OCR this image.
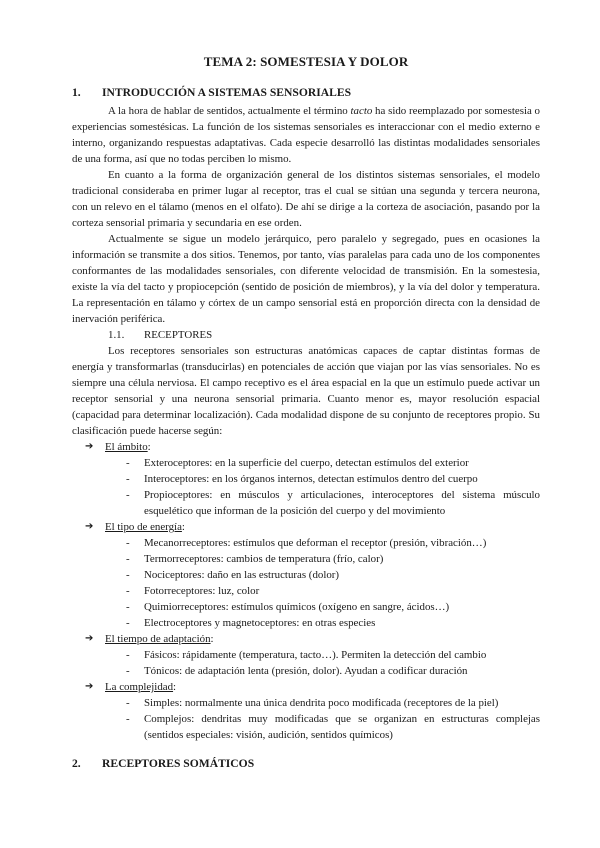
TEMA 2: SOMESTESIA Y DOLOR
1.	INTRODUCCIÓN A SISTEMAS SENSORIALES

A la hora de hablar de sentidos, actualmente el término tacto ha sido reemplazado por somestesia o experiencias somestésicas. La función de los sistemas sensoriales es interaccionar con el medio externo e interno, organizando respuestas adaptativas. Cada especie desarrolló las distintas modalidades sensoriales de una forma, así que no todas perciben lo mismo.

En cuanto a la forma de organización general de los distintos sistemas sensoriales, el modelo tradicional consideraba en primer lugar al receptor, tras el cual se sitúan una segunda y tercera neurona, con un relevo en el tálamo (menos en el olfato). De ahí se dirige a la corteza de asociación, pasando por la corteza sensorial primaria y secundaria en ese orden.

Actualmente se sigue un modelo jerárquico, pero paralelo y segregado, pues en ocasiones la información se transmite a dos sitios. Tenemos, por tanto, vías paralelas para cada uno de los componentes conformantes de las modalidades sensoriales, con diferente velocidad de transmisión. En la somestesia, existe la vía del tacto y propiocepción (sentido de posición de miembros), y la vía del dolor y temperatura. La representación en tálamo y córtex de un campo sensorial está en proporción directa con la densidad de inervación periférica.

1.1.	RECEPTORES

Los receptores sensoriales son estructuras anatómicas capaces de captar distintas formas de energía y transformarlas (transducirlas) en potenciales de acción que viajan por las vías sensoriales. No es siempre una célula nerviosa. El campo receptivo es el área espacial en la que un estímulo puede activar un receptor sensorial y una neurona sensorial primaria. Cuanto menor es, mayor resolución espacial (capacidad para determinar localización). Cada modalidad dispone de su conjunto de receptores propio. Su clasificación puede hacerse según:

➔	El ámbito :
-	Exteroceptores: en la superficie del cuerpo, detectan estímulos del exterior
-	Interoceptores: en los órganos internos, detectan estímulos dentro del cuerpo
-	Propioceptores: en músculos y articulaciones, interoceptores del sistema músculo esquelético que informan de la posición del cuerpo y del movimiento
➔	El tipo de energía :
-	Mecanorreceptores: estímulos que deforman el receptor (presión, vibración…)
-	Termorreceptores: cambios de temperatura (frío, calor)
-	Nociceptores: daño en las estructuras (dolor)
-	Fotorreceptores: luz, color
-	Quimiorreceptores: estímulos químicos (oxígeno en sangre, ácidos…)
-	Electroceptores y magnetoceptores: en otras especies
➔	El tiempo de adaptación :
-	Fásicos: rápidamente (temperatura, tacto…). Permiten la detección del cambio
-	Tónicos: de adaptación lenta (presión, dolor). Ayudan a codificar duración
➔	La complejidad :
-	Simples: normalmente una única dendrita poco modificada (receptores de la piel)
-	Complejos: dendritas muy modificadas que se organizan en estructuras complejas (sentidos especiales: visión, audición, sentidos químicos)
2.	RECEPTORES SOMÁTICOS
